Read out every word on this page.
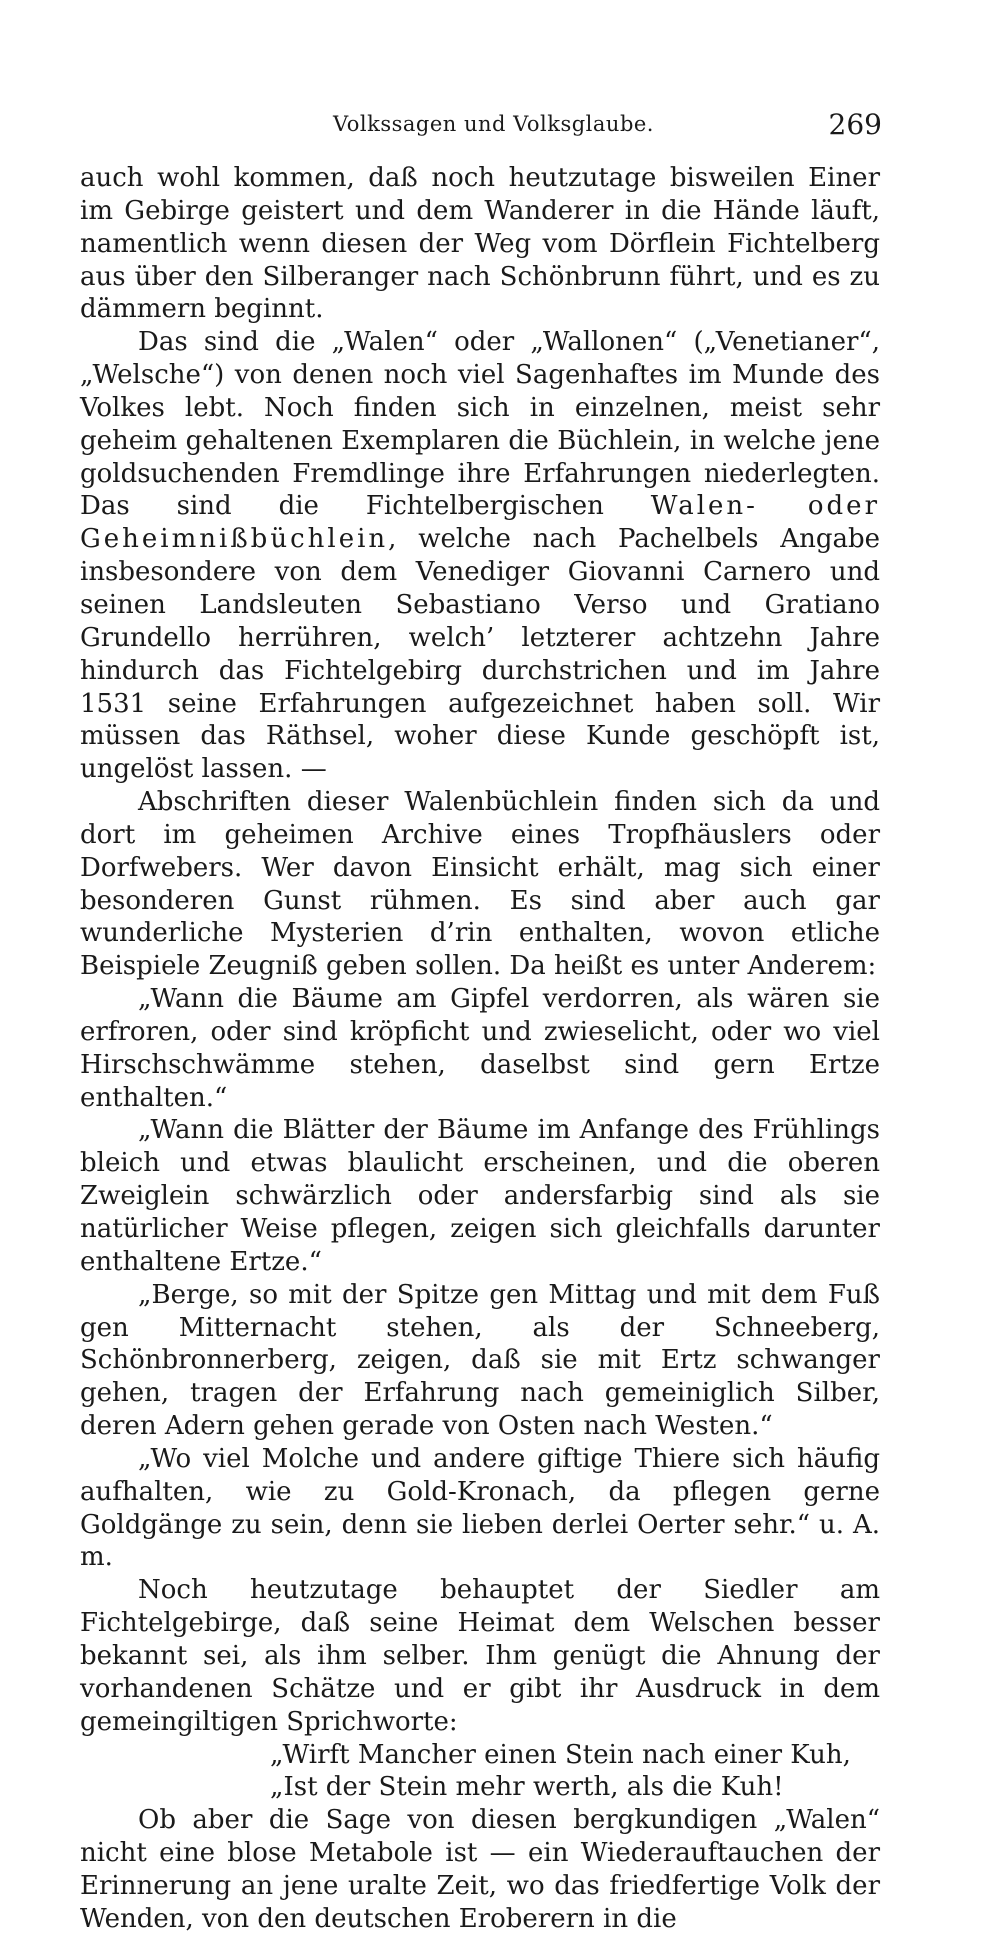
Volkssagen und Volksglaube.	269

auch wohl kommen, daß noch heutzutage bisweilen Einer im Gebirge geistert und dem Wanderer in die Hände läuft, namentlich wenn diesen der Weg vom Dörflein Fichtelberg aus über den Silberanger nach Schönbrunn führt, und es zu dämmern beginnt.

Das sind die „Walen“ oder „Wallonen“ („Venetianer“, „Welsche“) von denen noch viel Sagenhaftes im Munde des Volkes lebt. Noch finden sich in einzelnen, meist sehr geheim gehaltenen Exemplaren die Büchlein, in welche jene goldsuchenden Fremdlinge ihre Erfahrungen niederlegten. Das sind die Fichtelbergischen Walen- oder Geheimnißbüchlein, welche nach Pachelbels Angabe insbesondere von dem Venediger Giovanni Carnero und seinen Landsleuten Sebastiano Verso und Gratiano Grundello herrühren, welch’ letzterer achtzehn Jahre hindurch das Fichtelgebirg durchstrichen und im Jahre 1531 seine Erfahrungen aufgezeichnet haben soll. Wir müssen das Räthsel, woher diese Kunde geschöpft ist, ungelöst lassen. —

Abschriften dieser Walenbüchlein finden sich da und dort im geheimen Archive eines Tropfhäuslers oder Dorfwebers. Wer davon Einsicht erhält, mag sich einer besonderen Gunst rühmen. Es sind aber auch gar wunderliche Mysterien d’rin enthalten, wovon etliche Beispiele Zeugniß geben sollen. Da heißt es unter Anderem:

„Wann die Bäume am Gipfel verdorren, als wären sie erfroren, oder sind kröpficht und zwieselicht, oder wo viel Hirschschwämme stehen, daselbst sind gern Ertze enthalten.“

„Wann die Blätter der Bäume im Anfange des Frühlings bleich und etwas blaulicht erscheinen, und die oberen Zweiglein schwärzlich oder andersfarbig sind als sie natürlicher Weise pflegen, zeigen sich gleichfalls darunter enthaltene Ertze.“

„Berge, so mit der Spitze gen Mittag und mit dem Fuß gen Mitternacht stehen, als der Schneeberg, Schönbronnerberg, zeigen, daß sie mit Ertz schwanger gehen, tragen der Erfahrung nach gemeiniglich Silber, deren Adern gehen gerade von Osten nach Westen.“

„Wo viel Molche und andere giftige Thiere sich häufig aufhalten, wie zu Gold-Kronach, da pflegen gerne Goldgänge zu sein, denn sie lieben derlei Oerter sehr.“ u. A. m.

Noch heutzutage behauptet der Siedler am Fichtelgebirge, daß seine Heimat dem Welschen besser bekannt sei, als ihm selber. Ihm genügt die Ahnung der vorhandenen Schätze und er gibt ihr Ausdruck in dem gemeingiltigen Sprichworte:

„Wirft Mancher einen Stein nach einer Kuh,

„Ist der Stein mehr werth, als die Kuh!

Ob aber die Sage von diesen bergkundigen „Walen“ nicht eine blose Metabole ist — ein Wiederauftauchen der Erinnerung an jene uralte Zeit, wo das friedfertige Volk der Wenden, von den deutschen Eroberern in die
